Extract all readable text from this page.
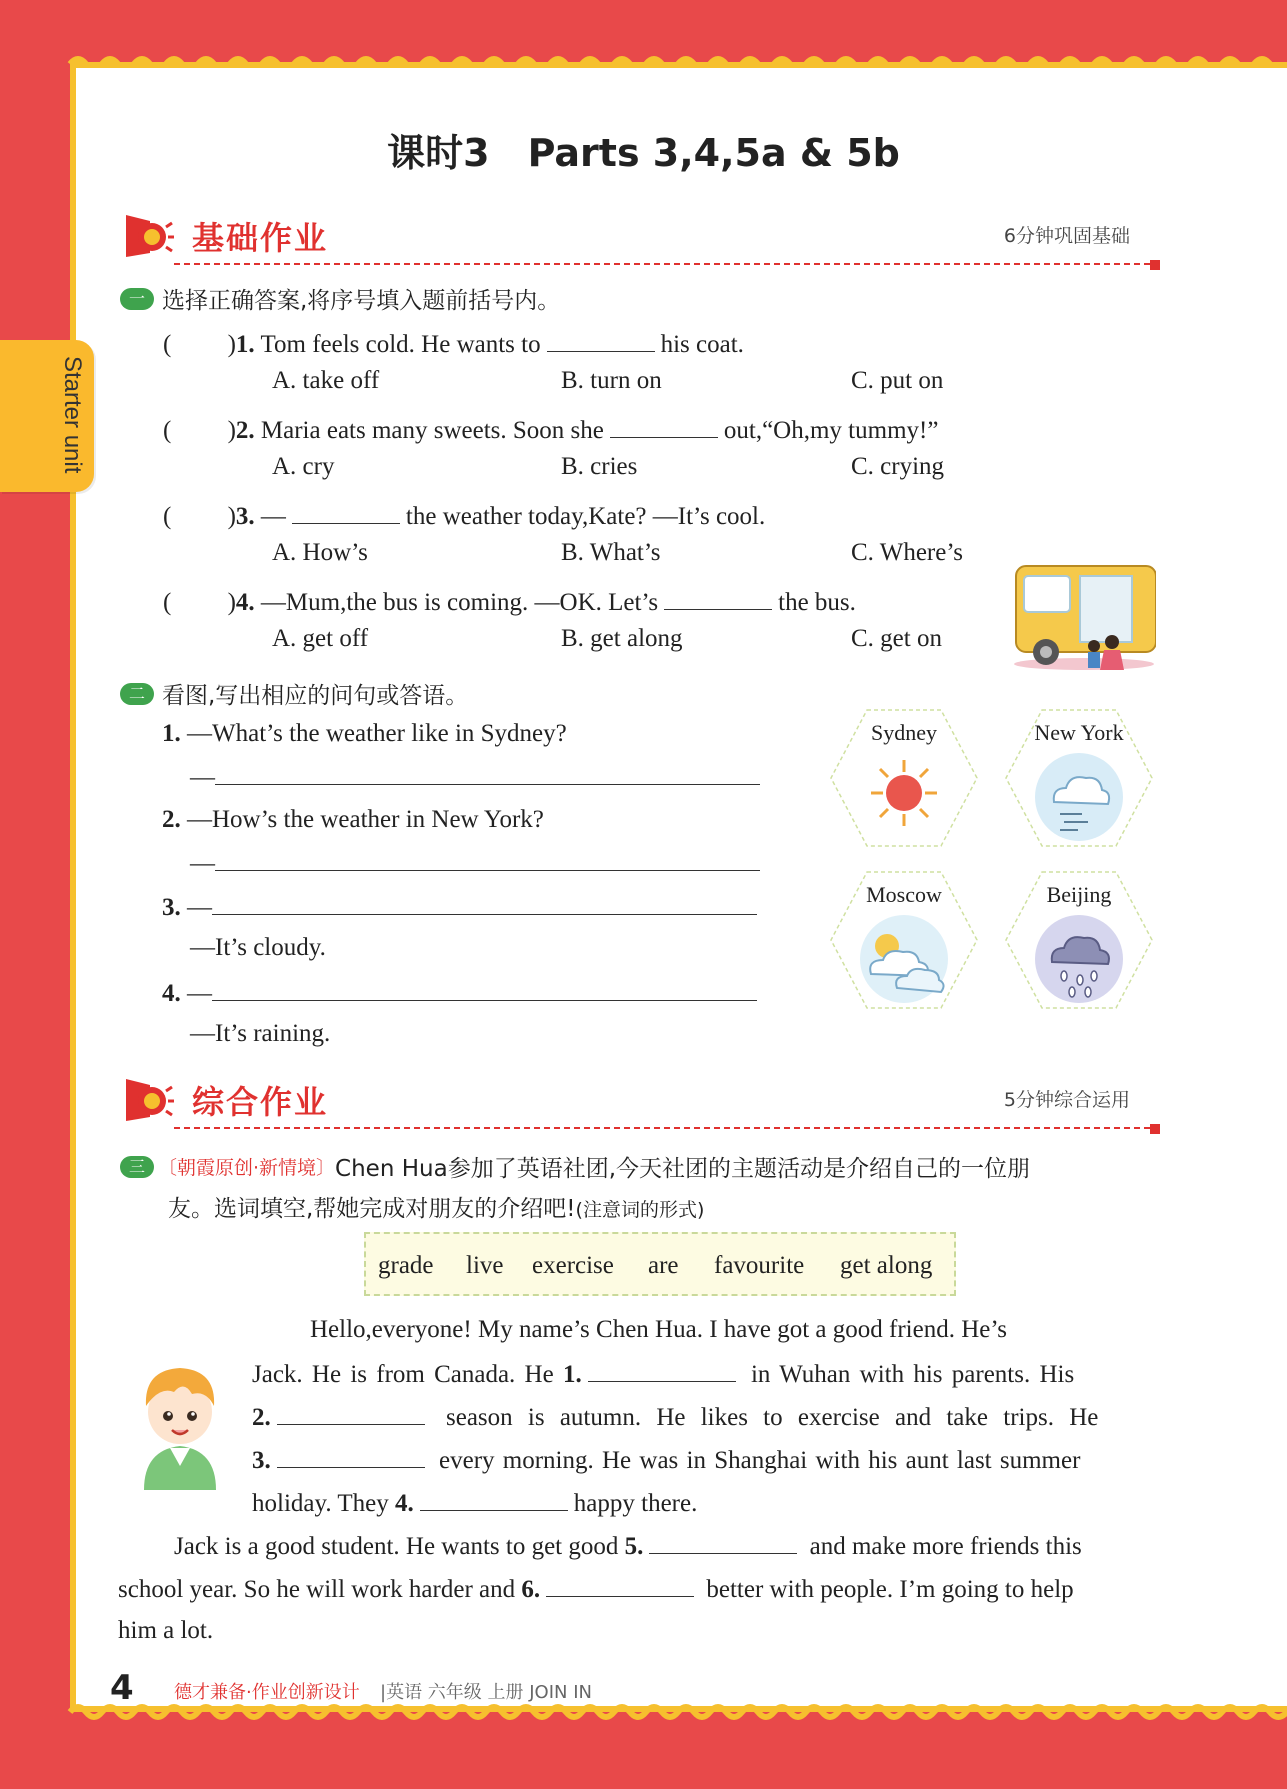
Starter unit
课时3　Parts 3,4,5a & 5b
基础作业	6分钟巩固基础
一 选择正确答案,将序号填入题前括号内。
(　　 )1. Tom feels cold. He wants to	his coat.
A. take off	B. turn on	C. put on
(　　 )2. Maria eats many sweets. Soon she	out,“Oh,my tummy!”
A. cry	B. cries	C. crying
(　　 )3. —	the weather today,Kate? —It’s cool.
A. How’s	B. What’s	C. Where’s
(　　 )4. —Mum,the bus is coming. —OK. Let’s	the bus.
A. get off	B. get along	C. get on
二 看图,写出相应的问句或答语。
1. —What’s the weather like in Sydney?
—
2. —How’s the weather in New York?
—
3. —
—It’s cloudy.
4. —
—It’s raining.
Sydney	New York
Moscow	Beijing
综合作业	5分钟综合运用
三 〔朝霞原创·新情境〕Chen Hua参加了英语社团,今天社团的主题活动是介绍自己的一位朋
友。选词填空,帮她完成对朋友的介绍吧!(注意词的形式)
grade live exercise are favourite get along
Hello,everyone! My name’s Chen Hua. I have got a good friend. He’s
Jack. He is from Canada. He 1.	in Wuhan with his parents. His
2.	season is autumn. He likes to exercise and take trips. He
3.	every morning. He was in Shanghai with his aunt last summer
holiday. They 4.	happy there.
Jack is a good student. He wants to get good 5.	and make more friends this
school year. So he will work harder and 6.	better with people. I’m going to help
him a lot.
4 德才兼备·作业创新设计 |英语 六年级 上册 JOIN IN
